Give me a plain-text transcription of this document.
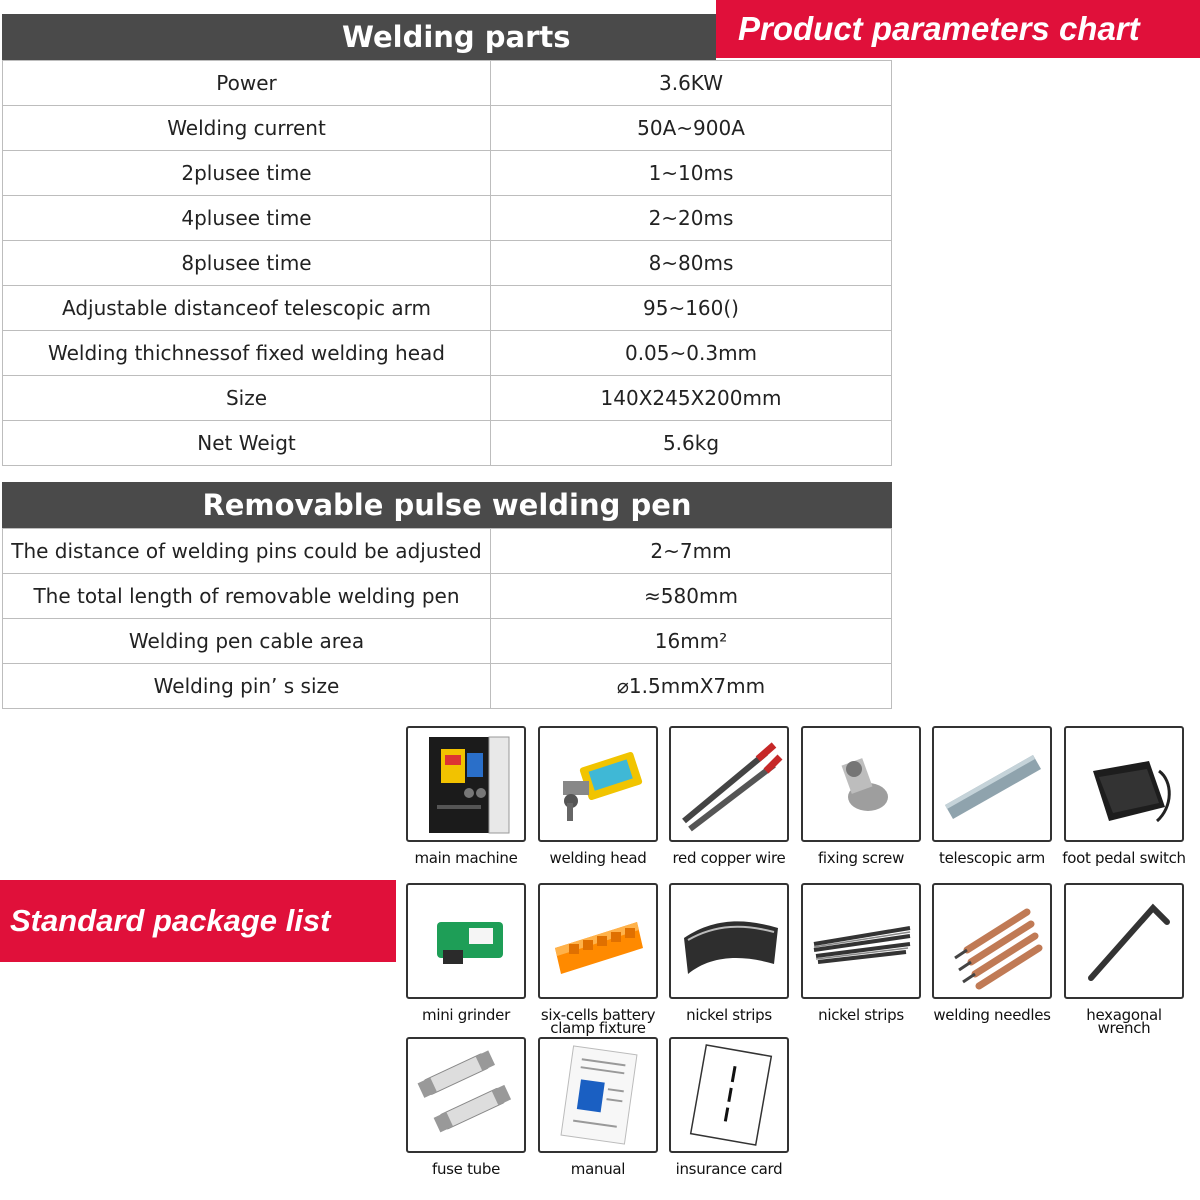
Product parameters chart
Welding parts
Power	3.6KW
Welding current	50A~900A
2plusee time	1~10ms
4plusee time	2~20ms
8plusee time	8~80ms
Adjustable distanceof telescopic arm	95~160()
Welding thichnessof fixed welding head	0.05~0.3mm
Size	140X245X200mm
Net Weigt	5.6kg
Removable pulse welding pen
The distance of welding pins could be adjusted	2~7mm
The total length of removable welding pen	≈580mm
Welding pen cable area	16mm²
Welding pin’ s size	⌀1.5mmX7mm
Standard package list
main machine	welding head	red copper wire	fixing screw	telescopic arm	foot pedal switch
mini grinder	six-cells battery clamp fixture
nickel strips	nickel strips	welding needles	hexagonal wrench
fuse tube	manual	insurance card
